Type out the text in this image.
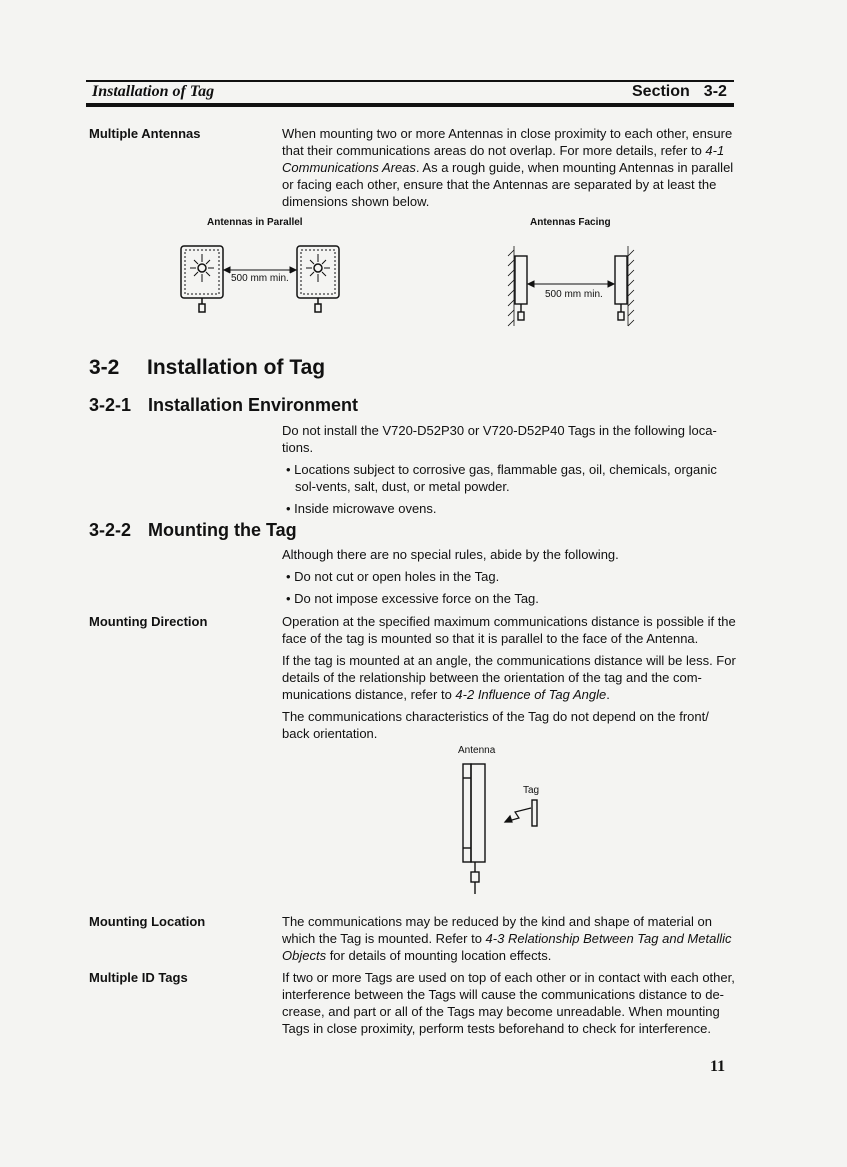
Installation of Tag	Section 3-2
Multiple Antennas	When mounting two or more Antennas in close proximity to each other, ensure that their communications areas do not overlap. For more details, refer to 4-1 Communications Areas. As a rough guide, when mounting Antennas in parallel or facing each other, ensure that the Antennas are separated by at least the dimensions shown below.

Antennas in Parallel
500 mm min.
Antennas Facing
500 mm min.
3-2 Installation of Tag
3-2-1 Installation Environment

Do not install the V720-D52P30 or V720-D52P40 Tags in the following loca-tions.

• Locations subject to corrosive gas, flammable gas, oil, chemicals, organic sol-vents, salt, dust, or metal powder.
• Inside microwave ovens.
3-2-2 Mounting the Tag

Although there are no special rules, abide by the following.

• Do not cut or open holes in the Tag.
• Do not impose excessive force on the Tag.
Mounting Direction	Operation at the specified maximum communications distance is possible if the face of the tag is mounted so that it is parallel to the face of the Antenna.

If the tag is mounted at an angle, the communications distance will be less. For details of the relationship between the orientation of the tag and the com-munications distance, refer to 4-2 Influence of Tag Angle.

The communications characteristics of the Tag do not depend on the front/ back orientation.

Antenna
Tag
Mounting Location	The communications may be reduced by the kind and shape of material on which the Tag is mounted. Refer to 4-3 Relationship Between Tag and Metallic Objects for details of mounting location effects.

Multiple ID Tags	If two or more Tags are used on top of each other or in contact with each other, interference between the Tags will cause the communications distance to de-crease, and part or all of the Tags may become unreadable. When mounting Tags in close proximity, perform tests beforehand to check for interference.

11
